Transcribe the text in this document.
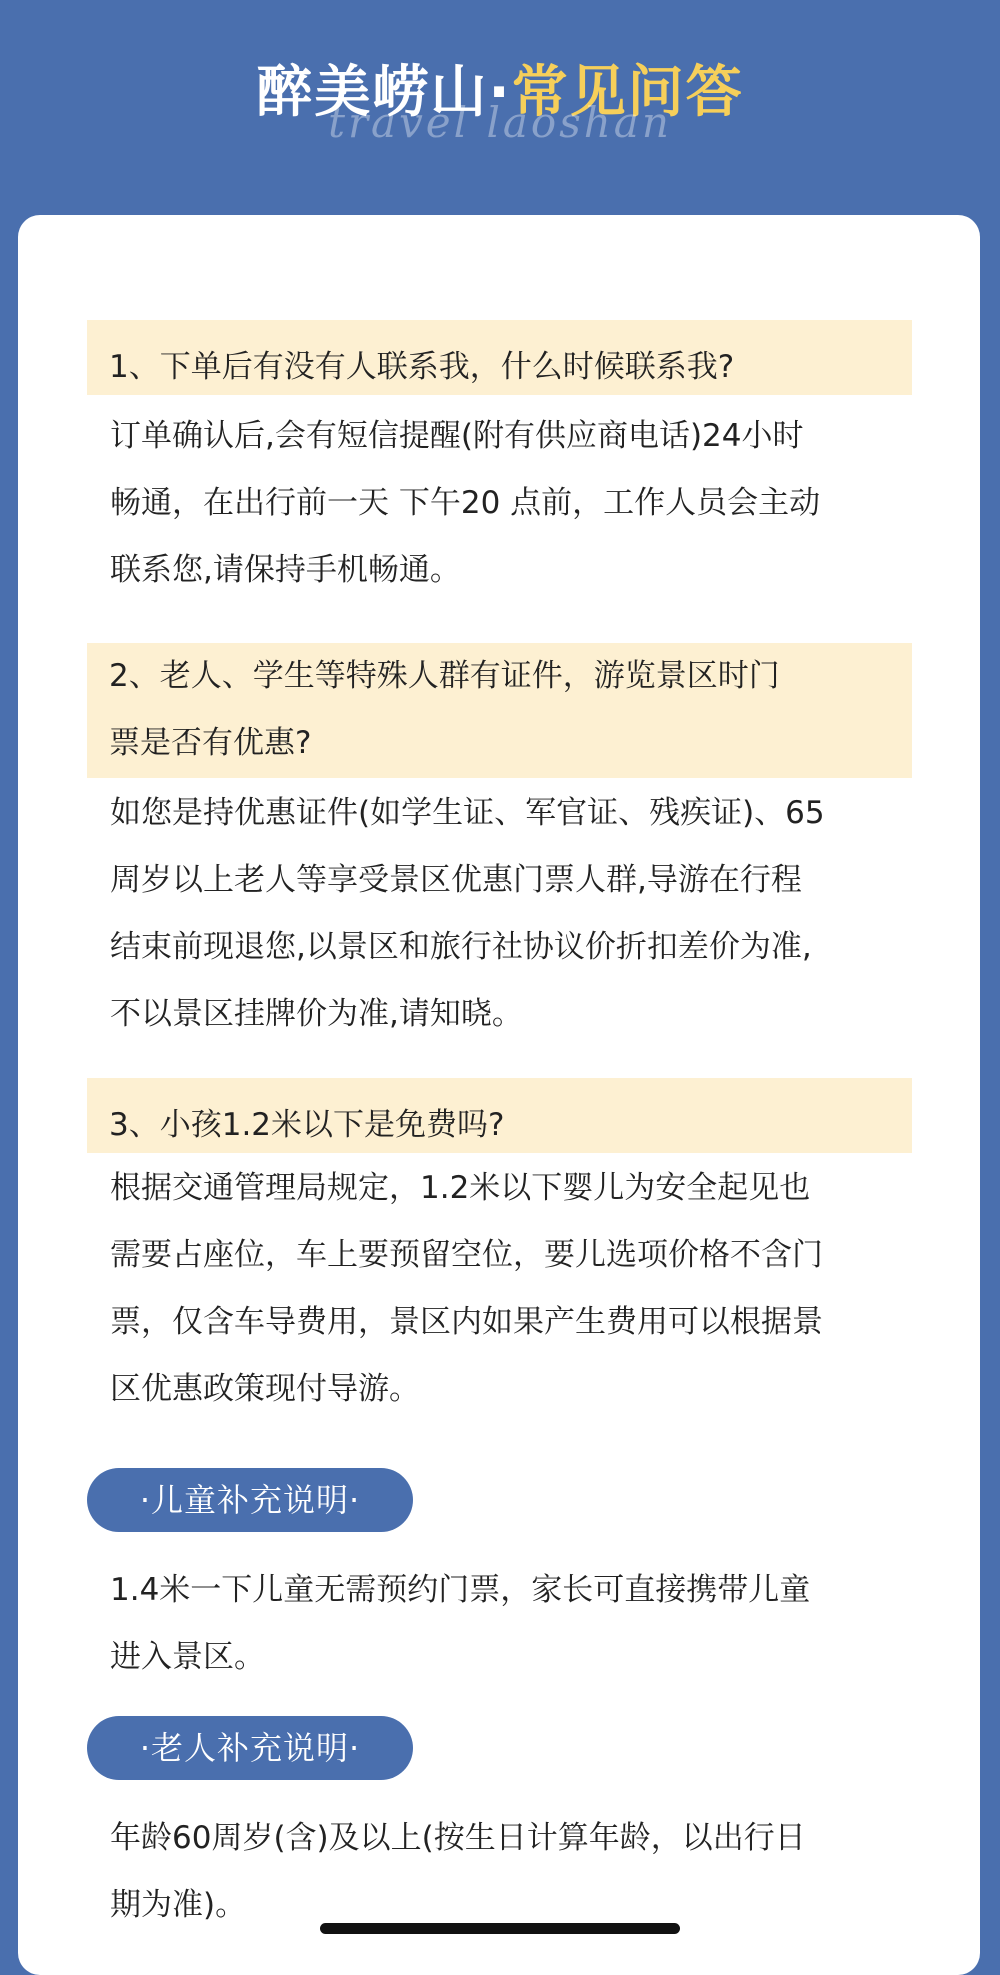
醉美崂山·常见问答
travel laoshan
1、下单后有没有人联系我，什么时候联系我?
订单确认后,会有短信提醒(附有供应商电话)24小时
畅通，在出行前一天 下午20 点前，工作人员会主动
联系您,请保持手机畅通。
2、老人、学生等特殊人群有证件，游览景区时门
票是否有优惠?
如您是持优惠证件(如学生证、军官证、残疾证)、65
周岁以上老人等享受景区优惠门票人群,导游在行程
结束前现退您,以景区和旅行社协议价折扣差价为准,
不以景区挂牌价为准,请知晓。
3、小孩1.2米以下是免费吗?
根据交通管理局规定，1.2米以下婴儿为安全起见也
需要占座位，车上要预留空位，要儿选项价格不含门
票，仅含车导费用，景区内如果产生费用可以根据景
区优惠政策现付导游。
·儿童补充说明·
1.4米一下儿童无需预约门票，家长可直接携带儿童
进入景区。
·老人补充说明·
年龄60周岁(含)及以上(按生日计算年龄，以出行日
期为准)。
